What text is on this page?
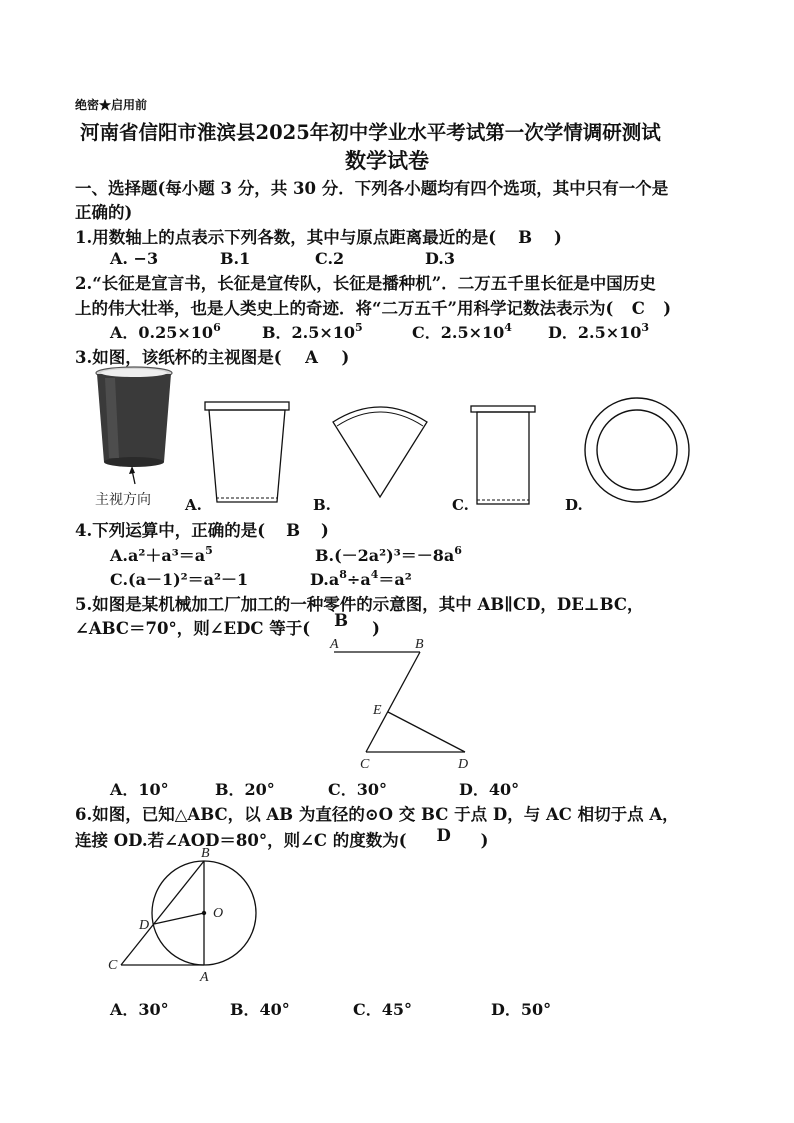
绝密★启用前
河南省信阳市淮滨县2025年初中学业水平考试第一次学情调研测试
数学试卷
一、选择题(每小题 3 分，共 30 分．下列各小题均有四个选项，其中只有一个是
正确的)
1.用数轴上的点表示下列各数，其中与原点距离最近的是( B )
A. −3	B.1	C.2	D.3
2.“长征是宣言书，长征是宣传队，长征是播种机”．二万五千里长征是中国历史
上的伟大壮举，也是人类史上的奇迹．将“二万五千”用科学记数法表示为( C )
A．$0.25\times 10^6$	B．$2.5\times 10^5$	C．$2.5\times 10^4$ D．$2.5\times 10^3$
3.如图，该纸杯的主视图是( A )
主视方向 A.	B.	C.	D.
4.下列运算中，正确的是( B )
$A.a^2+a^3=a^5$	$B.(-2a^2)^3=-8a^6$
C.(a－1)²＝a²－1	$D.a^8\div a^4=a^2$
5.如图是某机械加工厂加工的一种零件的示意图，其中 AB∥CD，DE⊥BC，
∠ABC＝70°，则∠EDC 等于( B )
A	B
E
C	D
A．10°	B．20°	C．30°	D．40°
6.如图，已知△ABC，以 AB 为直径的⊙O 交 BC 于点 D，与 AC 相切于点 A，
连接 OD.若∠AOD＝80°，则∠C 的度数为( D )
B
D
O
C
A
A．30°	B．40°	C．45°	D．50°
